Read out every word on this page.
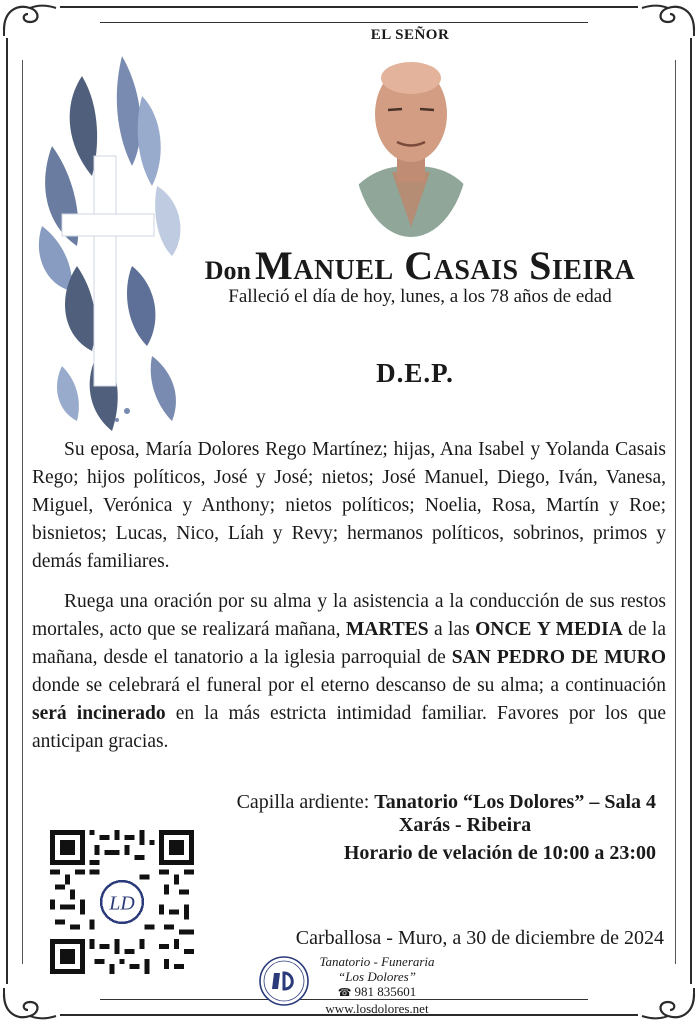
EL SEÑOR
Don Manuel Casais Sieira
Falleció el día de hoy, lunes, a los 78 años de edad
D.E.P.
Su eposa, María Dolores Rego Martínez; hijas, Ana Isabel y Yolanda Casais Rego; hijos políticos, José y José; nietos; José Manuel, Diego, Iván, Vanesa, Miguel, Verónica y Anthony; nietos políticos; Noelia, Rosa, Martín y Roe; bisnietos; Lucas, Nico, Líah y Revy; hermanos políticos, sobrinos, primos y demás familiares.
Ruega una oración por su alma y la asistencia a la conducción de sus restos mortales, acto que se realizará mañana, MARTES a las ONCE Y MEDIA de la mañana, desde el tanatorio a la iglesia parroquial de SAN PEDRO DE MURO donde se celebrará el funeral por el eterno descanso de su alma; a continuación será incinerado en la más estricta intimidad familiar. Favores por los que anticipan gracias.
Capilla ardiente: Tanatorio “Los Dolores” – Sala 4
Xarás - Ribeira
Horario de velación de 10:00 a 23:00
LD
Carballosa - Muro, a 30 de diciembre de 2024
Tanatorio - Funeraria
“Los Dolores”
☎ 981 835601
www.losdolores.net
